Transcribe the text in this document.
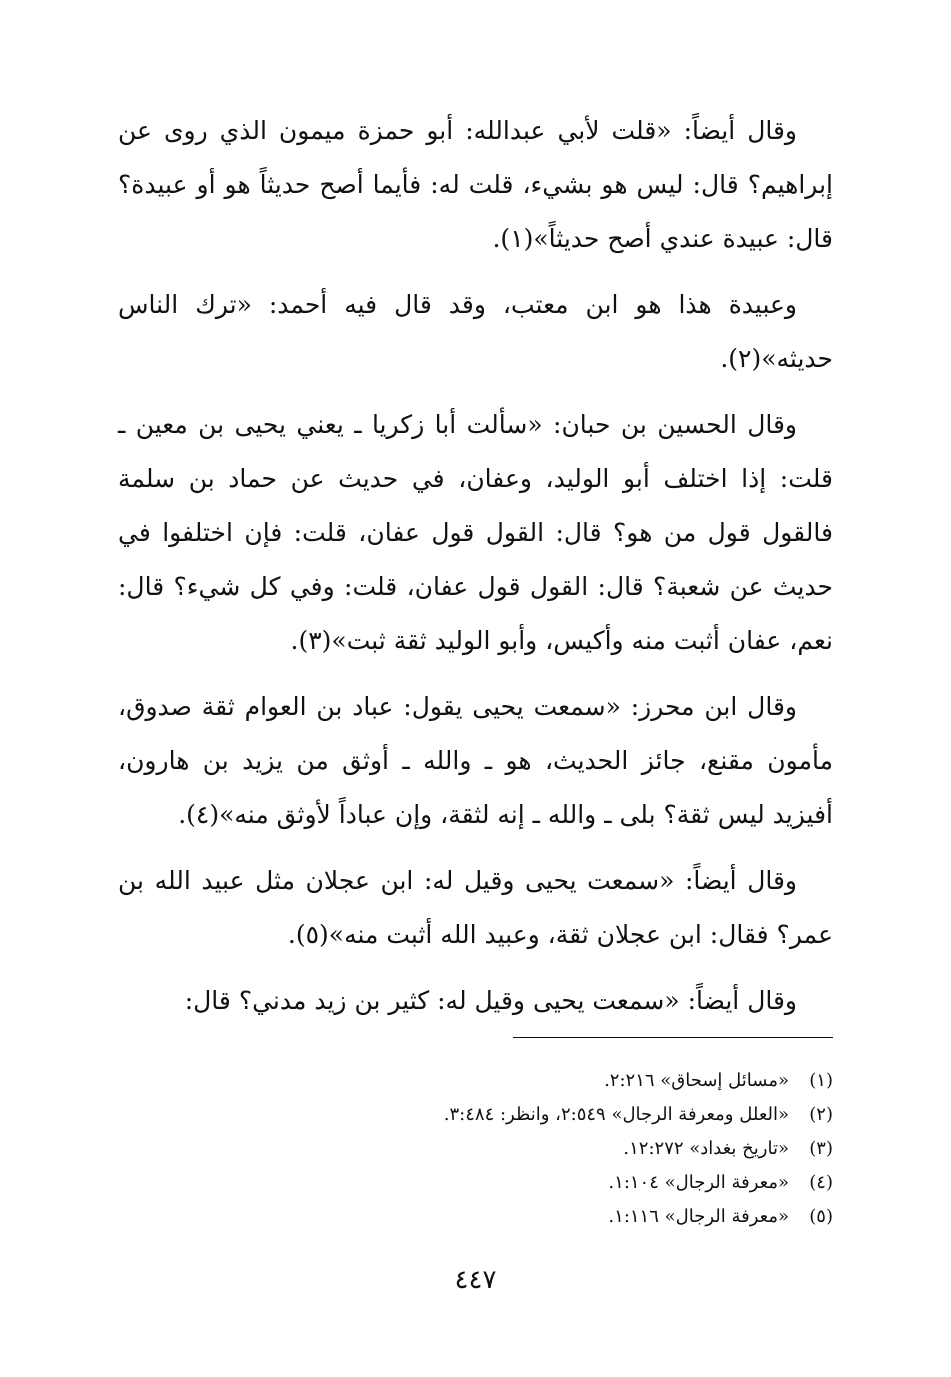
وقال أيضاً: «قلت لأبي عبدالله: أبو حمزة ميمون الذي روى عن إبراهيم؟ قال: ليس هو بشيء، قلت له: فأيما أصح حديثاً هو أو عبيدة؟ قال: عبيدة عندي أصح حديثاً»(١).

وعبيدة هذا هو ابن معتب، وقد قال فيه أحمد: «ترك الناس حديثه»(٢).

وقال الحسين بن حبان: «سألت أبا زكريا ـ يعني يحيى بن معين ـ قلت: إذا اختلف أبو الوليد، وعفان، في حديث عن حماد بن سلمة فالقول قول من هو؟ قال: القول قول عفان، قلت: فإن اختلفوا في حديث عن شعبة؟ قال: القول قول عفان، قلت: وفي كل شيء؟ قال: نعم، عفان أثبت منه وأكيس، وأبو الوليد ثقة ثبت»(٣).

وقال ابن محرز: «سمعت يحيى يقول: عباد بن العوام ثقة صدوق، مأمون مقنع، جائز الحديث، هو ـ والله ـ أوثق من يزيد بن هارون، أفيزيد ليس ثقة؟ بلى ـ والله ـ إنه لثقة، وإن عباداً لأوثق منه»(٤).

وقال أيضاً: «سمعت يحيى وقيل له: ابن عجلان مثل عبيد الله بن عمر؟ فقال: ابن عجلان ثقة، وعبيد الله أثبت منه»(٥).

وقال أيضاً: «سمعت يحيى وقيل له: كثير بن زيد مدني؟ قال:

(١)
«مسائل إسحاق» ٢:٢١٦.
(٢)
«العلل ومعرفة الرجال» ٢:٥٤٩، وانظر: ٣:٤٨٤.
(٣)
«تاريخ بغداد» ١٢:٢٧٢.
(٤)
«معرفة الرجال» ١:١٠٤.
(٥)
«معرفة الرجال» ١:١١٦.
٤٤٧
